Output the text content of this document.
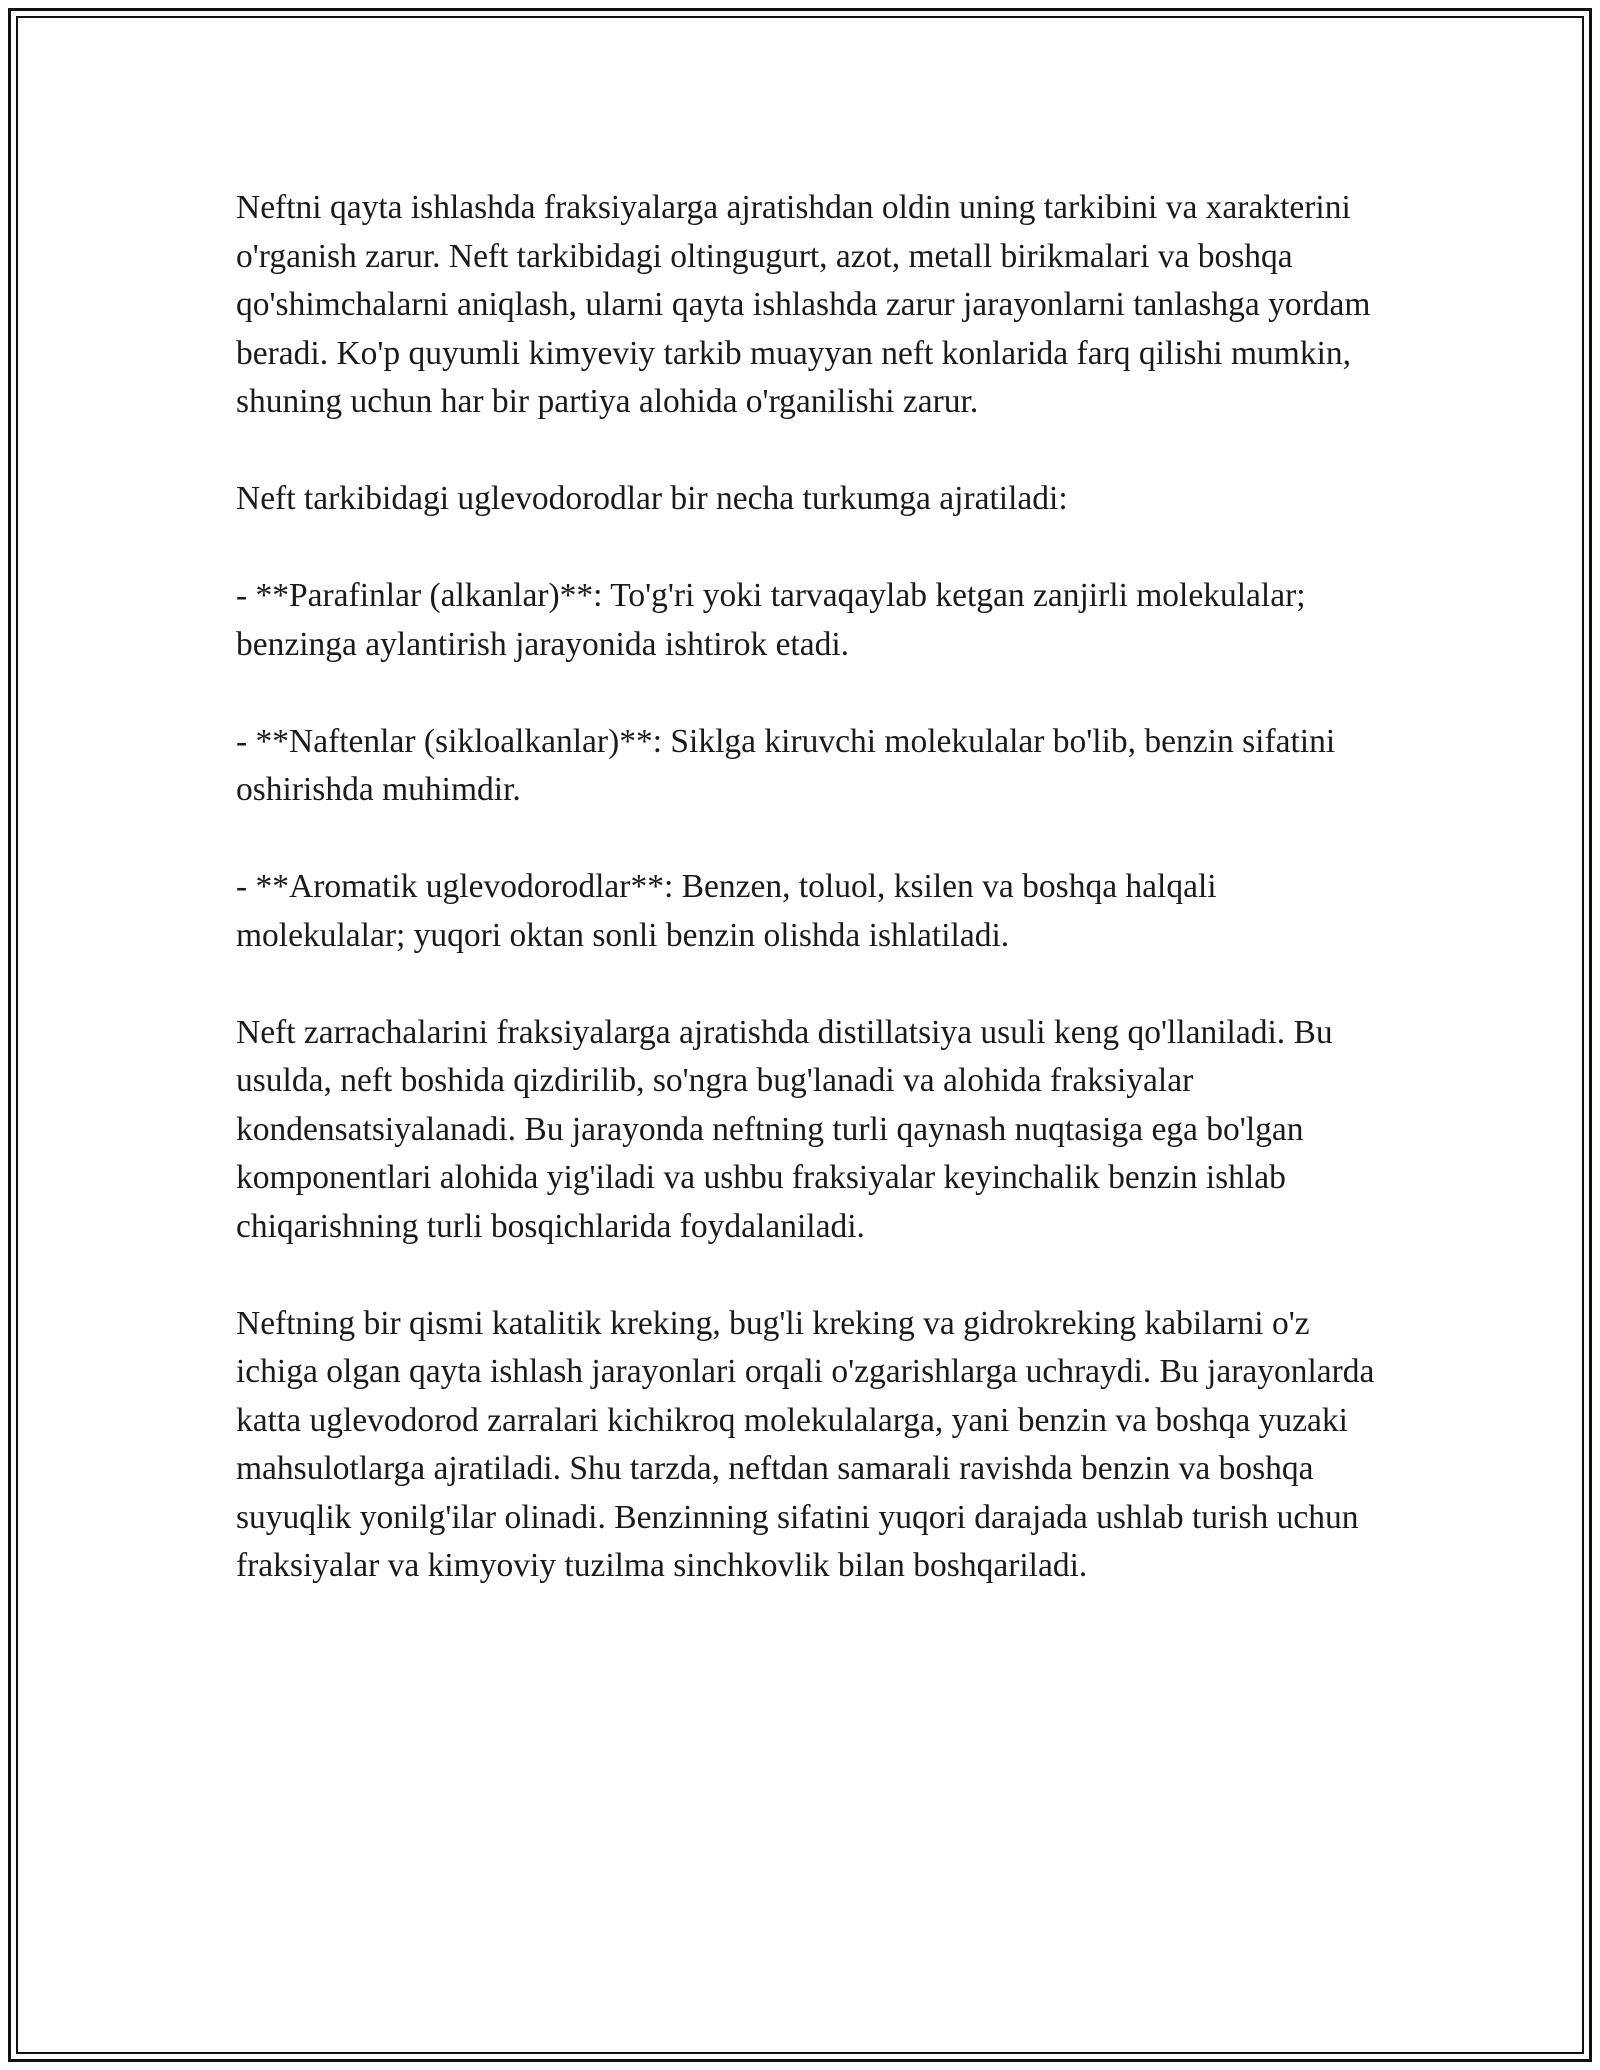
Neftni qayta ishlashda fraksiyalarga ajratishdan oldin uning tarkibini va xarakterini o'rganish zarur. Neft tarkibidagi oltingugurt, azot, metall birikmalari va boshqa qo'shimchalarni aniqlash, ularni qayta ishlashda zarur jarayonlarni tanlashga yordam beradi. Ko'p quyumli kimyeviy tarkib muayyan neft konlarida farq qilishi mumkin, shuning uchun har bir partiya alohida o'rganilishi zarur.

Neft tarkibidagi uglevodorodlar bir necha turkumga ajratiladi:

- **Parafinlar (alkanlar)**: To'g'ri yoki tarvaqaylab ketgan zanjirli molekulalar; benzinga aylantirish jarayonida ishtirok etadi.

- **Naftenlar (sikloalkanlar)**: Siklga kiruvchi molekulalar bo'lib, benzin sifatini oshirishda muhimdir.

- **Aromatik uglevodorodlar**: Benzen, toluol, ksilen va boshqa halqali molekulalar; yuqori oktan sonli benzin olishda ishlatiladi.

Neft zarrachalarini fraksiyalarga ajratishda distillatsiya usuli keng qo'llaniladi. Bu usulda, neft boshida qizdirilib, so'ngra bug'lanadi va alohida fraksiyalar kondensatsiyalanadi. Bu jarayonda neftning turli qaynash nuqtasiga ega bo'lgan komponentlari alohida yig'iladi va ushbu fraksiyalar keyinchalik benzin ishlab chiqarishning turli bosqichlarida foydalaniladi.

Neftning bir qismi katalitik kreking, bug'li kreking va gidrokreking kabilarni o'z ichiga olgan qayta ishlash jarayonlari orqali o'zgarishlarga uchraydi. Bu jarayonlarda katta uglevodorod zarralari kichikroq molekulalarga, yani benzin va boshqa yuzaki mahsulotlarga ajratiladi. Shu tarzda, neftdan samarali ravishda benzin va boshqa suyuqlik yonilg'ilar olinadi. Benzinning sifatini yuqori darajada ushlab turish uchun fraksiyalar va kimyoviy tuzilma sinchkovlik bilan boshqariladi.
